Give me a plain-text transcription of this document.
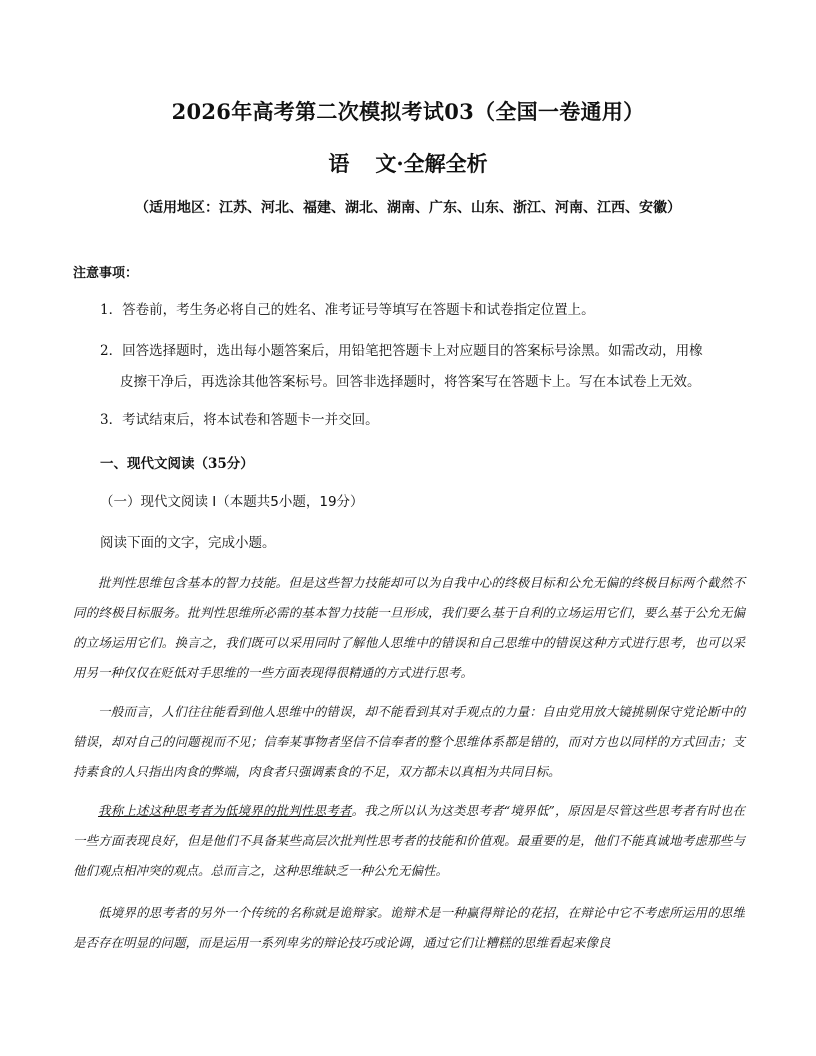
2026年高考第二次模拟考试03（全国一卷通用）
语 文·全解全析
（适用地区：江苏、河北、福建、湖北、湖南、广东、山东、浙江、河南、江西、安徽）
注意事项：
1．答卷前，考生务必将自己的姓名、准考证号等填写在答题卡和试卷指定位置上。
2．回答选择题时，选出每小题答案后，用铅笔把答题卡上对应题目的答案标号涂黑。如需改动，用橡
皮擦干净后，再选涂其他答案标号。回答非选择题时，将答案写在答题卡上。写在本试卷上无效。
3．考试结束后，将本试卷和答题卡一并交回。
一、现代文阅读（35分）
（一）现代文阅读 I（本题共5小题，19分）
阅读下面的文字，完成小题。
批判性思维包含基本的智力技能。但是这些智力技能却可以为自我中心的终极目标和公允无偏的终极目标两个截然不同的终极目标服务。批判性思维所必需的基本智力技能一旦形成，我们要么基于自利的立场运用它们，要么基于公允无偏的立场运用它们。换言之，我们既可以采用同时了解他人思维中的错误和自己思维中的错误这种方式进行思考，也可以采用另一种仅仅在贬低对手思维的一些方面表现得很精通的方式进行思考。
一般而言，人们往往能看到他人思维中的错误，却不能看到其对手观点的力量：自由党用放大镜挑剔保守党论断中的错误，却对自己的问题视而不见；信奉某事物者坚信不信奉者的整个思维体系都是错的，而对方也以同样的方式回击；支持素食的人只指出肉食的弊端，肉食者只强调素食的不足，双方都未以真相为共同目标。
我称上述这种思考者为低境界的批判性思考者。我之所以认为这类思考者“境界低”，原因是尽管这些思考者有时也在一些方面表现良好，但是他们不具备某些高层次批判性思考者的技能和价值观。最重要的是，他们不能真诚地考虑那些与他们观点相冲突的观点。总而言之，这种思维缺乏一种公允无偏性。
低境界的思考者的另外一个传统的名称就是诡辩家。诡辩术是一种赢得辩论的花招，在辩论中它不考虑所运用的思维是否存在明显的问题，而是运用一系列卑劣的辩论技巧或论调，通过它们让糟糕的思维看起来像良
